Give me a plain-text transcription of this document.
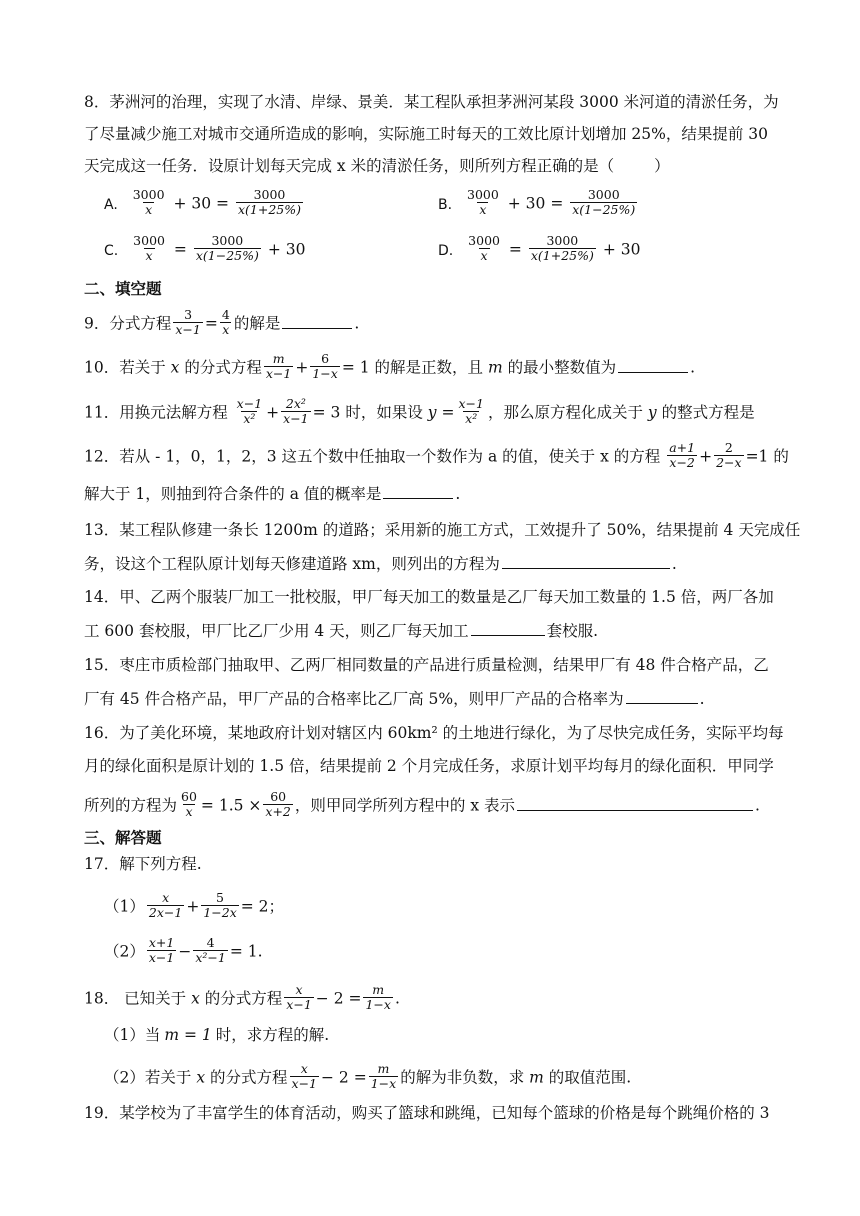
8．茅洲河的治理，实现了水清、岸绿、景美．某工程队承担茅洲河某段 3000 米河道的清淤任务，为
了尽量减少施工对城市交通所造成的影响，实际施工时每天的工效比原计划增加 25%，结果提前 30
天完成这一任务．设原计划每天完成 x 米的清淤任务，则所列方程正确的是（	）
A. $\frac{3000}{x} + 30 = \frac{3000}{x(1+25\%)}$	B. $\frac{3000}{x} + 30 = \frac{3000}{x(1-25\%)}$
C. $\frac{3000}{x} = \frac{3000}{x(1-25\%)} + 30$	D. $\frac{3000}{x} = \frac{3000}{x(1+25\%)} + 30$
二、填空题
9．分式方程 $\frac{3}{x-1} = \frac{4}{x}$ 的解是	.
10．若关于 x 的分式方程 $\frac{m}{x-1} + \frac{6}{1-x} = 1$ 的解是正数，且 m 的最小整数值为	.
11．用换元法解方程 $\frac{x-1}{\text{x²}} + \frac{\text{2x²}}{x-1} = 3$ 时，如果设 $y = \frac{x-1}{\text{x²}}$ ，那么原方程化成关于 y 的整式方程是
12．若从 - 1，0，1，2，3 这五个数中任抽取一个数作为 a 的值，使关于 x 的方程 $\frac{a+1}{x-2} + \frac{2}{2-x} =1$ 的
解大于 1，则抽到符合条件的 a 值的概率是	.
13．某工程队修建一条长 1200m 的道路；采用新的施工方式，工效提升了 50%，结果提前 4 天完成任
务，设这个工程队原计划每天修建道路 xm，则列出的方程为	.
14．甲、乙两个服装厂加工一批校服，甲厂每天加工的数量是乙厂每天加工数量的 1.5 倍，两厂各加
工 600 套校服，甲厂比乙厂少用 4 天，则乙厂每天加工	套校服.
15．枣庄市质检部门抽取甲、乙两厂相同数量的产品进行质量检测，结果甲厂有 48 件合格产品，乙
厂有 45 件合格产品，甲厂产品的合格率比乙厂高 5%，则甲厂产品的合格率为	.
16．为了美化环境，某地政府计划对辖区内 60km² 的土地进行绿化，为了尽快完成任务，实际平均每
月的绿化面积是原计划的 1.5 倍，结果提前 2 个月完成任务，求原计划平均每月的绿化面积．甲同学
所列的方程为 $\frac{60}{x} = 1.5 \times \frac{60}{x+2}$ ，则甲同学所列方程中的 x 表示	.
三、解答题
17．解下列方程.
$(1) \frac{x}{2x-1} + \frac{5}{1-2x} = 2$；
$(2) \frac{x+1}{x-1} - \frac{4}{\text{x²−1}} = 1$.
18． 已知关于 x 的分式方程 $\frac{x}{x-1} - 2 = \frac{m}{1-x}$ .
（1）当 m = 1 时，求方程的解.
（2）若关于 x 的分式方程 $\frac{x}{x-1} - 2 = \frac{m}{1-x}$ 的解为非负数，求 m 的取值范围.
19．某学校为了丰富学生的体育活动，购买了篮球和跳绳，已知每个篮球的价格是每个跳绳价格的 3
